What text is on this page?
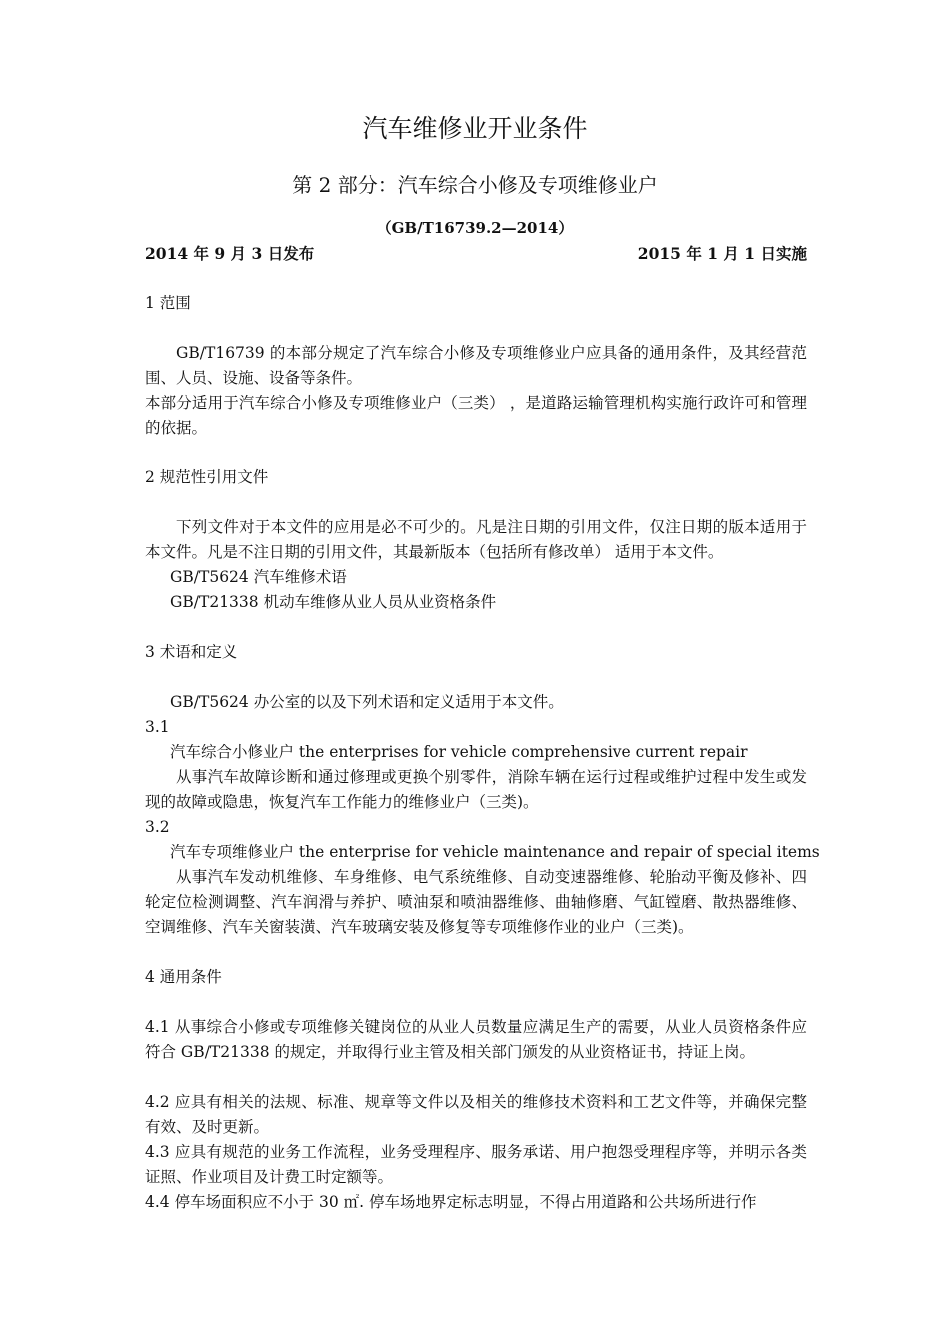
汽车维修业开业条件
第 2 部分：汽车综合小修及专项维修业户
（GB/T16739.2—2014）
2014 年 9 月 3 日发布	2015 年 1 月 1 日实施
1 范围
GB/T16739 的本部分规定了汽车综合小修及专项维修业户应具备的通用条件，及其经营范围、人员、设施、设备等条件。
本部分适用于汽车综合小修及专项维修业户（三类） ，是道路运输管理机构实施行政许可和管理的依据。
2 规范性引用文件
下列文件对于本文件的应用是必不可少的。凡是注日期的引用文件，仅注日期的版本适用于本文件。凡是不注日期的引用文件，其最新版本（包括所有修改单） 适用于本文件。
GB/T5624 汽车维修术语
GB/T21338 机动车维修从业人员从业资格条件
3 术语和定义
GB/T5624 办公室的以及下列术语和定义适用于本文件。
3.1
汽车综合小修业户 the enterprises for vehicle comprehensive current repair
从事汽车故障诊断和通过修理或更换个别零件，消除车辆在运行过程或维护过程中发生或发现的故障或隐患，恢复汽车工作能力的维修业户（三类)。
3.2
汽车专项维修业户 the enterprise for vehicle maintenance and repair of special items
从事汽车发动机维修、车身维修、电气系统维修、自动变速器维修、轮胎动平衡及修补、四轮定位检测调整、汽车润滑与养护、喷油泵和喷油器维修、曲轴修磨、气缸镗磨、散热器维修、空调维修、汽车关窗装潢、汽车玻璃安装及修复等专项维修作业的业户（三类)。
4 通用条件
4.1 从事综合小修或专项维修关键岗位的从业人员数量应满足生产的需要，从业人员资格条件应符合 GB/T21338 的规定，并取得行业主管及相关部门颁发的从业资格证书，持证上岗。
4.2 应具有相关的法规、标准、规章等文件以及相关的维修技术资料和工艺文件等，并确保完整有效、及时更新。
4.3 应具有规范的业务工作流程，业务受理程序、服务承诺、用户抱怨受理程序等，并明示各类证照、作业项目及计费工时定额等。
4.4 停车场面积应不小于 30 ㎡. 停车场地界定标志明显，不得占用道路和公共场所进行作
